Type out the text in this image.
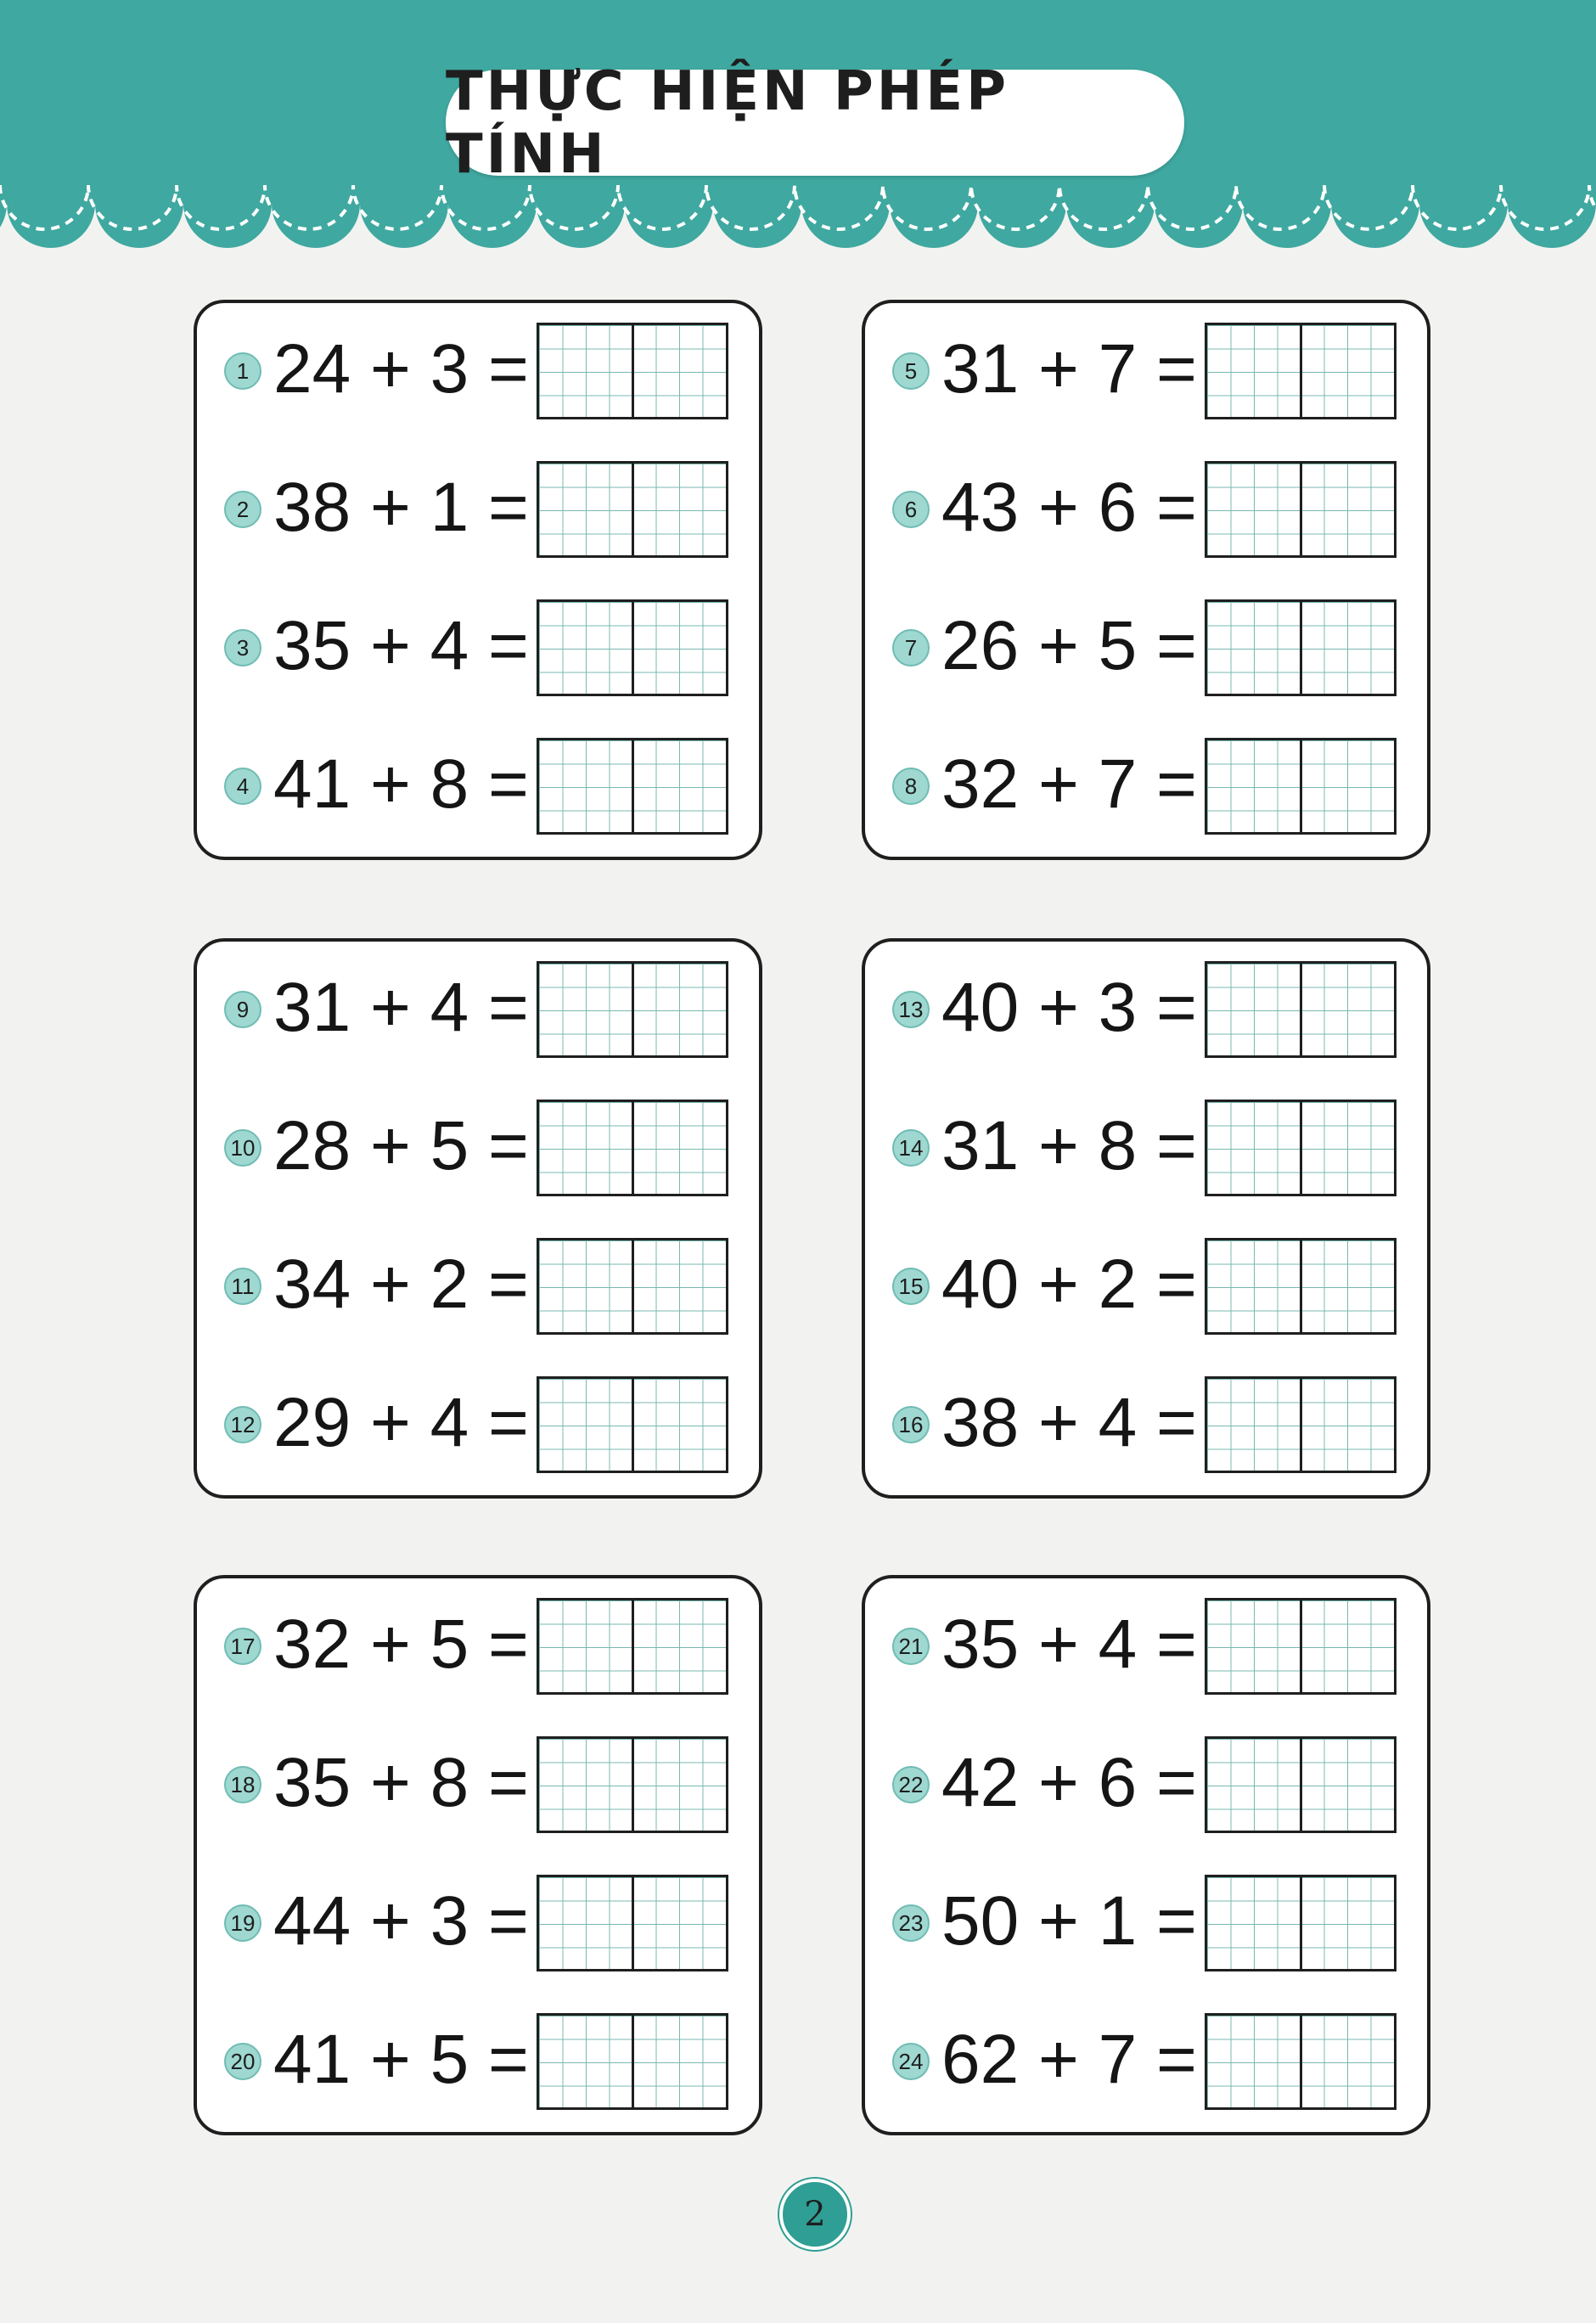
THỰC HIỆN PHÉP TÍNH
1 24 + 3 =
2 38 + 1 =
3 35 + 4 =
4 41 + 8 =
5 31 + 7 =
6 43 + 6 =
7 26 + 5 =
8 32 + 7 =
9 31 + 4 =
10 28 + 5 =
11 34 + 2 =
12 29 + 4 =
13 40 + 3 =
14 31 + 8 =
15 40 + 2 =
16 38 + 4 =
17 32 + 5 =
18 35 + 8 =
19 44 + 3 =
20 41 + 5 =
21 35 + 4 =
22 42 + 6 =
23 50 + 1 =
24 62 + 7 =
2
